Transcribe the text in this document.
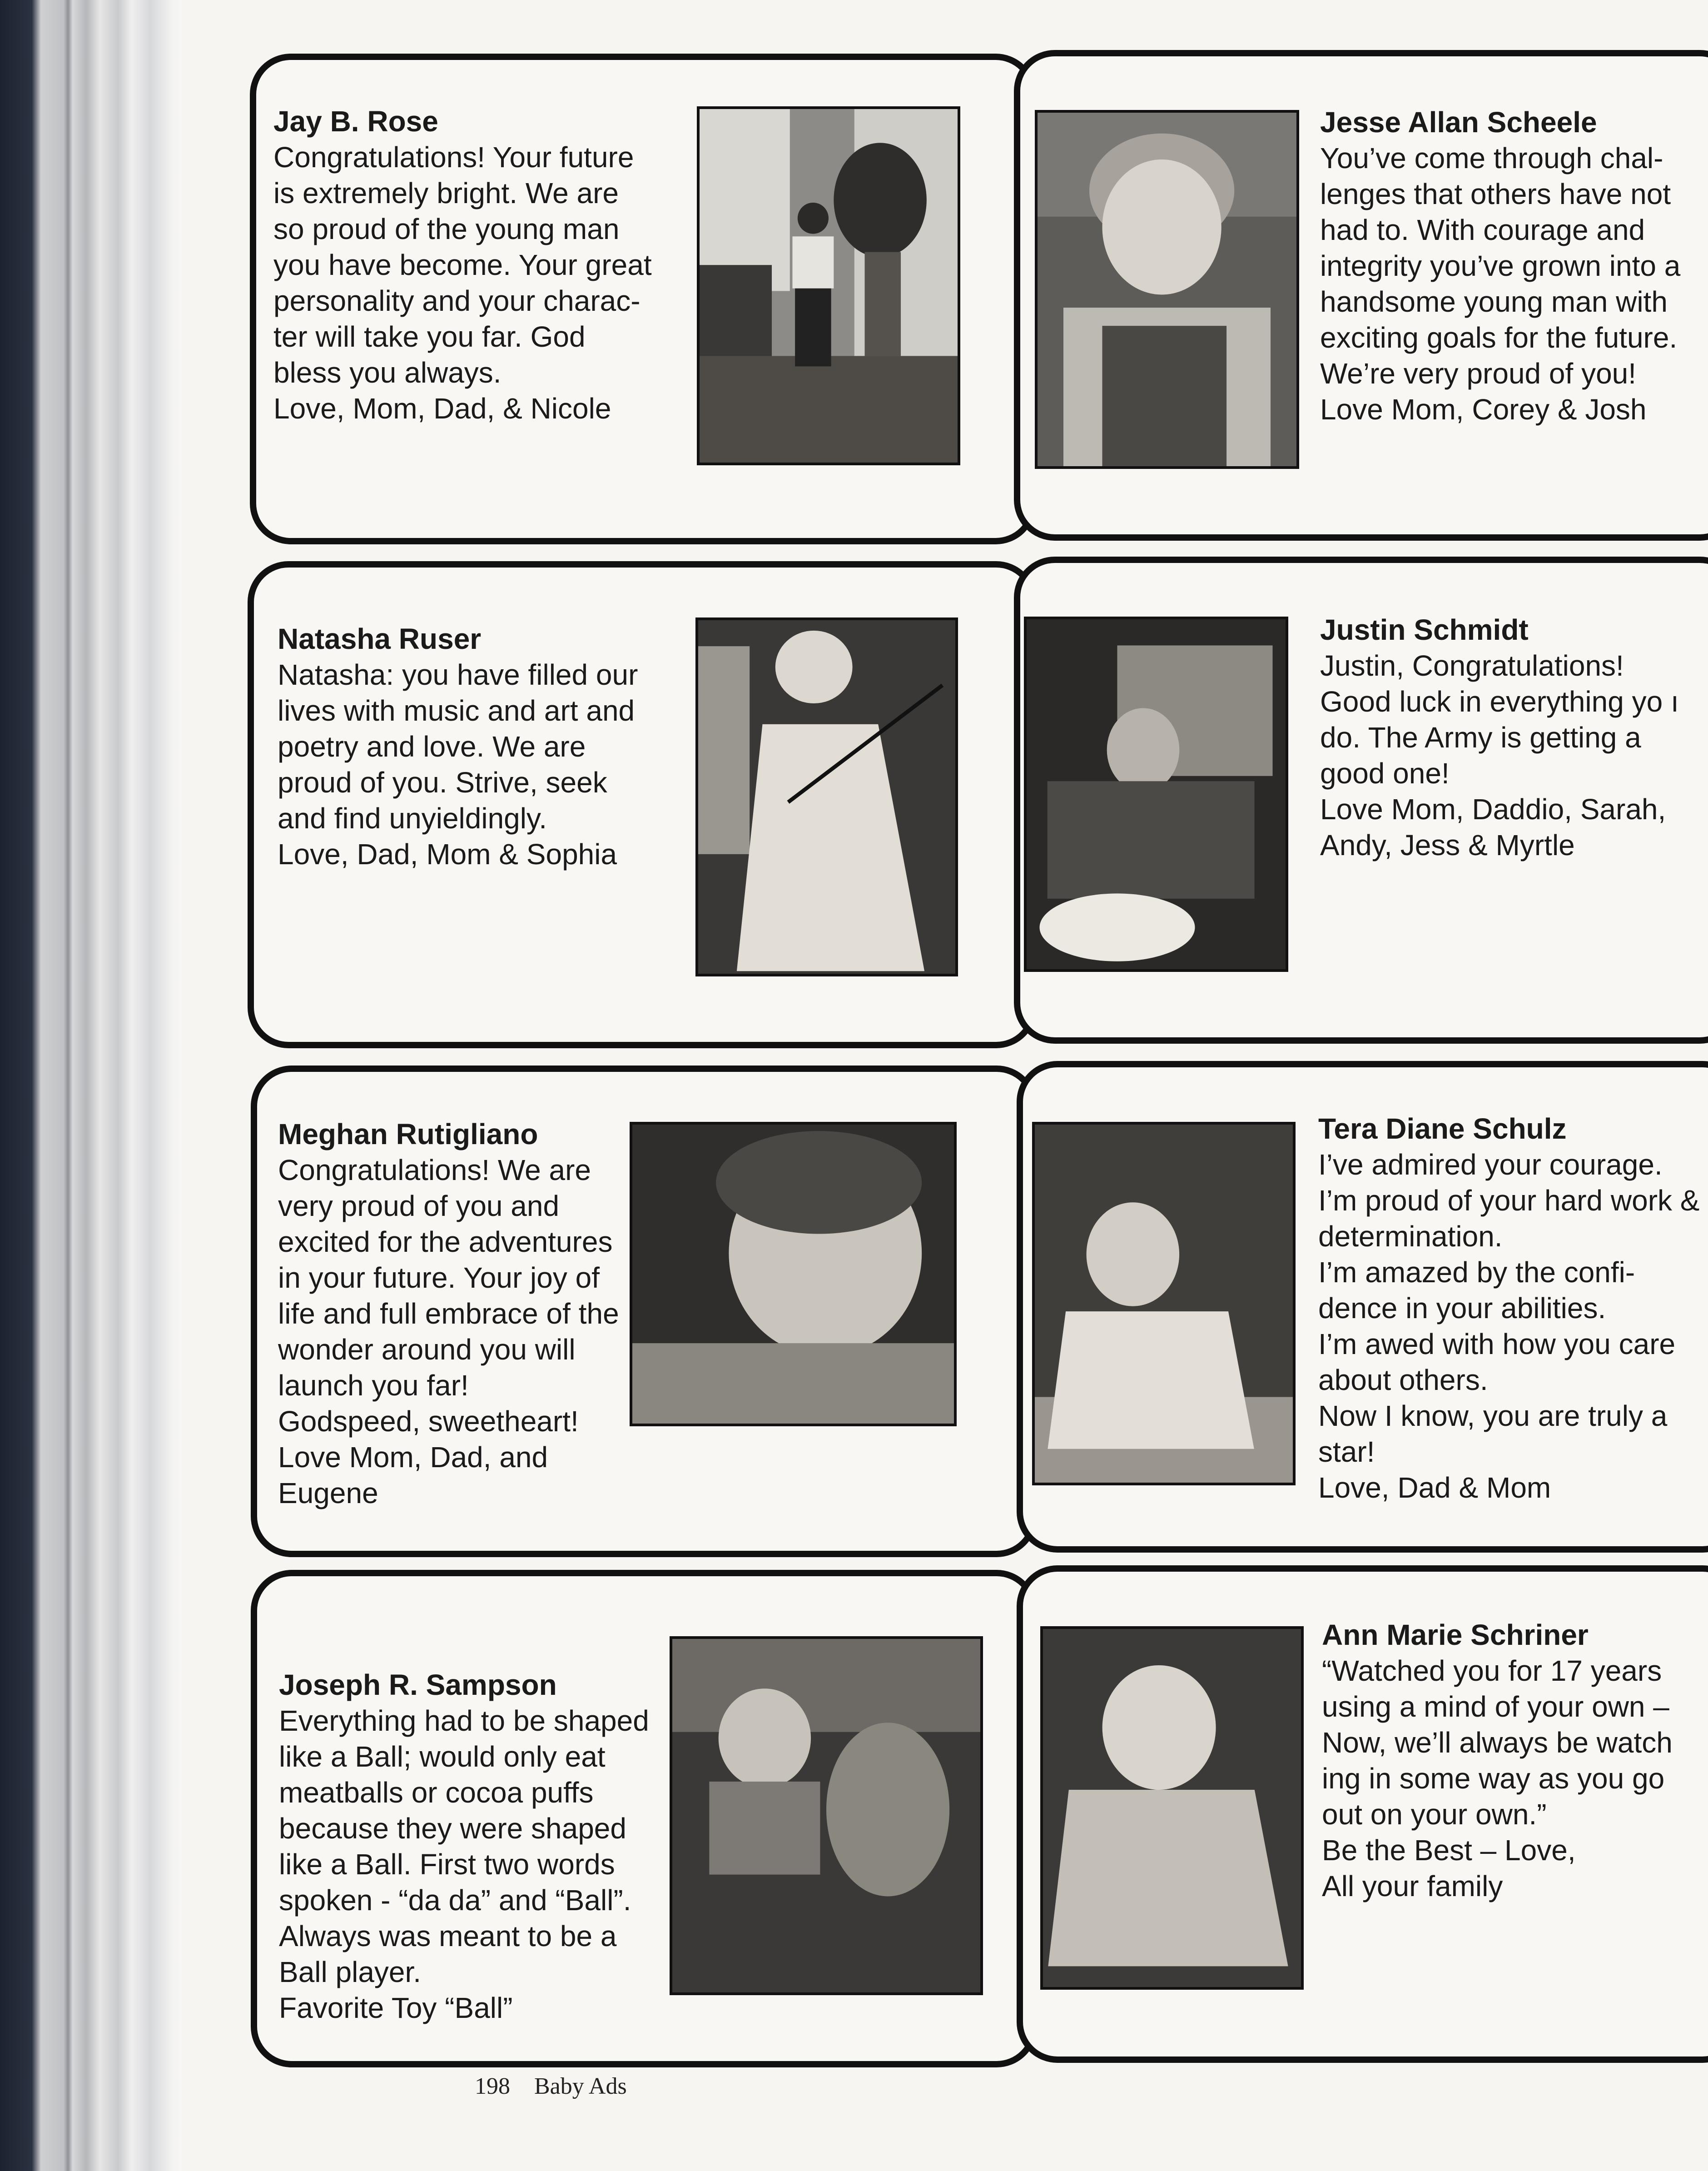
Jay B. Rose
Congratulations! Your future
is extremely bright. We are
so proud of the young man
you have become. Your great
personality and your charac-
ter will take you far. God
bless you always.
Love, Mom, Dad, & Nicole
Jesse Allan Scheele
You’ve come through chal-
lenges that others have not
had to. With courage and
integrity you’ve grown into a
handsome young man with
exciting goals for the future.
We’re very proud of you!
Love Mom, Corey & Josh
Natasha Ruser
Natasha: you have filled our
lives with music and art and
poetry and love. We are
proud of you. Strive, seek
and find unyieldingly.
Love, Dad, Mom & Sophia
Justin Schmidt
Justin, Congratulations!
Good luck in everything yo ı
do. The Army is getting a
good one!
Love Mom, Daddio, Sarah,
Andy, Jess & Myrtle
Meghan Rutigliano
Congratulations! We are
very proud of you and
excited for the adventures
in your future. Your joy of
life and full embrace of the
wonder around you will
launch you far!
Godspeed, sweetheart!
Love Mom, Dad, and
Eugene
Tera Diane Schulz
I’ve admired your courage.
I’m proud of your hard work &
determination.
I’m amazed by the confi-
dence in your abilities.
I’m awed with how you care
about others.
Now I know, you are truly a
star!
Love, Dad & Mom
Joseph R. Sampson
Everything had to be shaped
like a Ball; would only eat
meatballs or cocoa puffs
because they were shaped
like a Ball. First two words
spoken - “da da” and “Ball”.
Always was meant to be a
Ball player.
Favorite Toy “Ball”
Ann Marie Schriner
“Watched you for 17 years
using a mind of your own –
Now, we’ll always be watch
ing in some way as you go
out on your own.”
Be the Best – Love,
All your family
198 Baby Ads
